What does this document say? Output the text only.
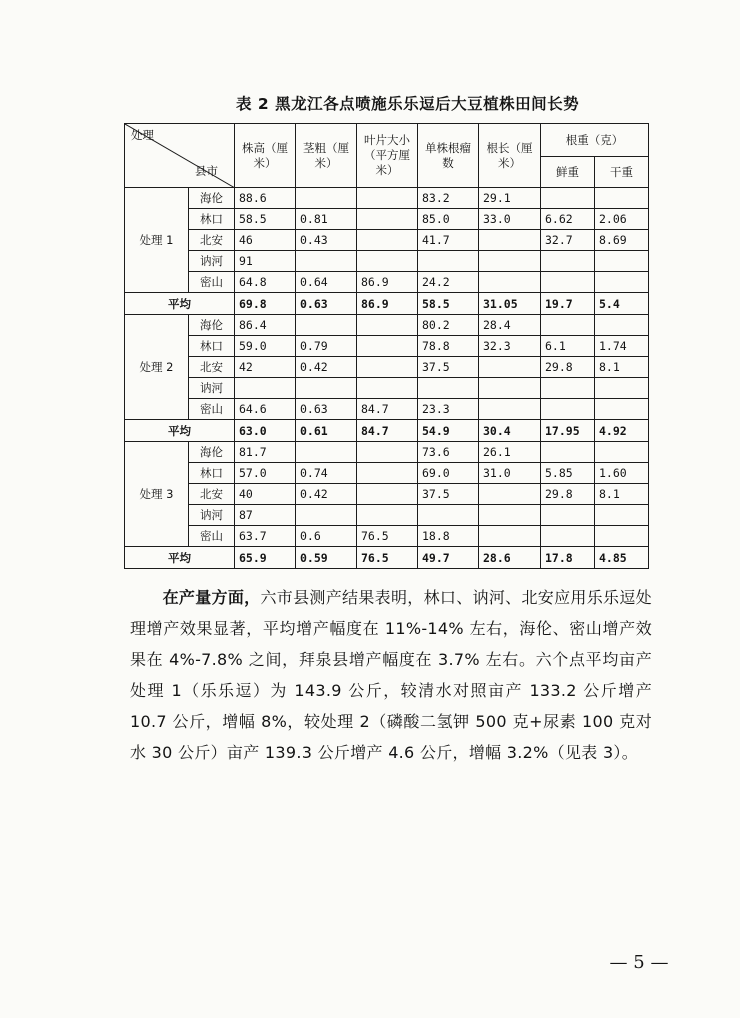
表 2 黑龙江各点喷施乐乐逗后大豆植株田间长势
处理
县市		株高（厘米）	茎粗（厘米）	叶片大小（平方厘米）	单株根瘤数	根长（厘米）	根重（克）	
							鲜重	干重
处理 1	海伦	88.6			83.2	29.1		
	林口	58.5	0.81		85.0	33.0	6.62	2.06
	北安	46	0.43		41.7		32.7	8.69
	讷河	91						
	密山	64.8	0.64	86.9	24.2			
平均		69.8	0.63	86.9	58.5	31.05	19.7	5.4
处理 2	海伦	86.4			80.2	28.4		
	林口	59.0	0.79		78.8	32.3	6.1	1.74
	北安	42	0.42		37.5		29.8	8.1
	讷河							
	密山	64.6	0.63	84.7	23.3			
平均		63.0	0.61	84.7	54.9	30.4	17.95	4.92
处理 3	海伦	81.7			73.6	26.1		
	林口	57.0	0.74		69.0	31.0	5.85	1.60
	北安	40	0.42		37.5		29.8	8.1
	讷河	87						
	密山	63.7	0.6	76.5	18.8			
平均		65.9	0.59	76.5	49.7	28.6	17.8	4.85
　　在产量方面，六市县测产结果表明，林口、讷河、北安应用乐乐逗处理增产效果显著，平均增产幅度在 11%-14% 左右，海伦、密山增产效果在 4%-7.8% 之间，拜泉县增产幅度在 3.7% 左右。六个点平均亩产处理 1（乐乐逗）为 143.9 公斤，较清水对照亩产 133.2 公斤增产 10.7 公斤，增幅 8%，较处理 2（磷酸二氢钾 500 克+尿素 100 克对水 30 公斤）亩产 139.3 公斤增产 4.6 公斤，增幅 3.2%（见表 3）。
— 5 —
